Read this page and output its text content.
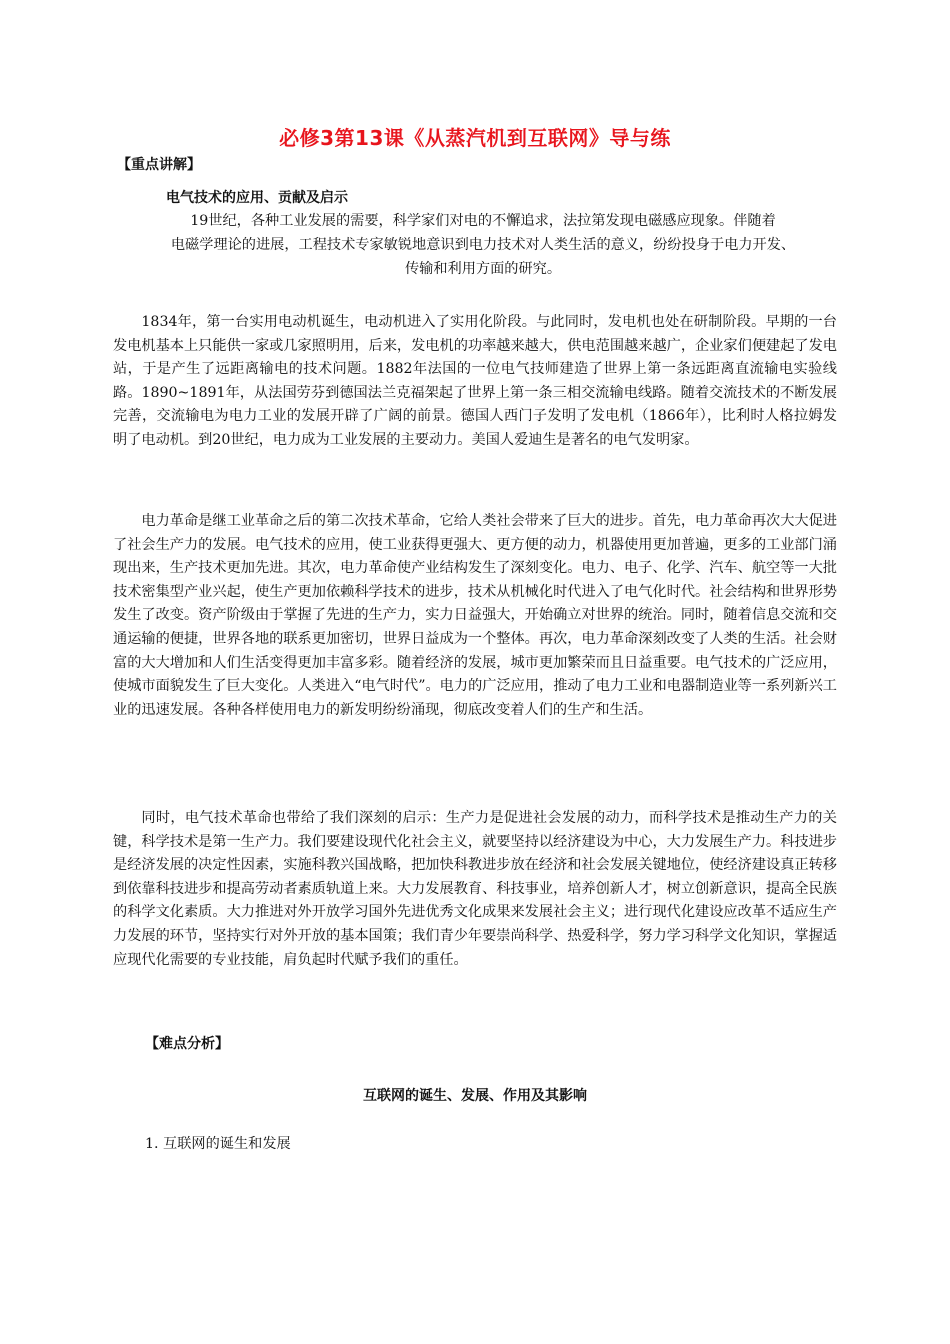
必修3第13课《从蒸汽机到互联网》导与练
【重点讲解】
电气技术的应用、贡献及启示
19世纪，各种工业发展的需要，科学家们对电的不懈追求，法拉第发现电磁感应现象。伴随着
电磁学理论的进展，工程技术专家敏锐地意识到电力技术对人类生活的意义，纷纷投身于电力开发、
传输和利用方面的研究。
1834年，第一台实用电动机诞生，电动机进入了实用化阶段。与此同时，发电机也处在研制阶段。早期的一台发电机基本上只能供一家或几家照明用，后来，发电机的功率越来越大，供电范围越来越广，企业家们便建起了发电站，于是产生了远距离输电的技术问题。1882年法国的一位电气技师建造了世界上第一条远距离直流输电实验线路。1890~1891年，从法国劳芬到德国法兰克福架起了世界上第一条三相交流输电线路。随着交流技术的不断发展完善，交流输电为电力工业的发展开辟了广阔的前景。德国人西门子发明了发电机（1866年），比利时人格拉姆发明了电动机。到20世纪，电力成为工业发展的主要动力。美国人爱迪生是著名的电气发明家。
电力革命是继工业革命之后的第二次技术革命，它给人类社会带来了巨大的进步。首先，电力革命再次大大促进了社会生产力的发展。电气技术的应用，使工业获得更强大、更方便的动力，机器使用更加普遍，更多的工业部门涌现出来，生产技术更加先进。其次，电力革命使产业结构发生了深刻变化。电力、电子、化学、汽车、航空等一大批技术密集型产业兴起，使生产更加依赖科学技术的进步，技术从机械化时代进入了电气化时代。社会结构和世界形势发生了改变。资产阶级由于掌握了先进的生产力，实力日益强大，开始确立对世界的统治。同时，随着信息交流和交通运输的便捷，世界各地的联系更加密切，世界日益成为一个整体。再次，电力革命深刻改变了人类的生活。社会财富的大大增加和人们生活变得更加丰富多彩。随着经济的发展，城市更加繁荣而且日益重要。电气技术的广泛应用，使城市面貌发生了巨大变化。人类进入“电气时代”。电力的广泛应用，推动了电力工业和电器制造业等一系列新兴工业的迅速发展。各种各样使用电力的新发明纷纷涌现，彻底改变着人们的生产和生活。
同时，电气技术革命也带给了我们深刻的启示：生产力是促进社会发展的动力，而科学技术是推动生产力的关键，科学技术是第一生产力。我们要建设现代化社会主义，就要坚持以经济建设为中心，大力发展生产力。科技进步是经济发展的决定性因素，实施科教兴国战略，把加快科教进步放在经济和社会发展关键地位，使经济建设真正转移到依靠科技进步和提高劳动者素质轨道上来。大力发展教育、科技事业，培养创新人才，树立创新意识，提高全民族的科学文化素质。大力推进对外开放学习国外先进优秀文化成果来发展社会主义；进行现代化建设应改革不适应生产力发展的环节，坚持实行对外开放的基本国策；我们青少年要崇尚科学、热爱科学，努力学习科学文化知识，掌握适应现代化需要的专业技能，肩负起时代赋予我们的重任。
【难点分析】
互联网的诞生、发展、作用及其影响
1. 互联网的诞生和发展
